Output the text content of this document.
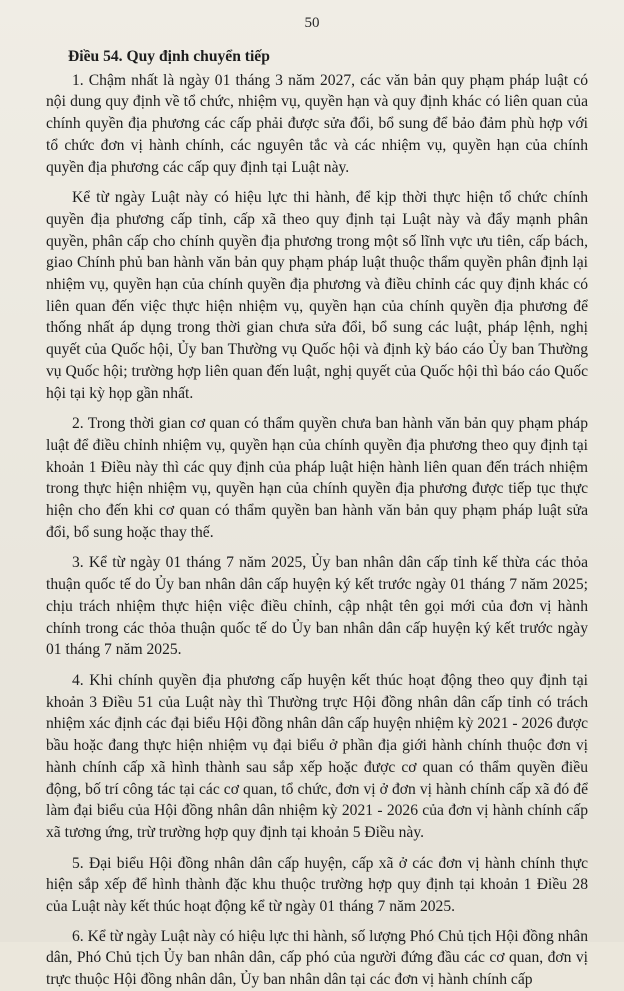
50
Điều 54. Quy định chuyển tiếp

1. Chậm nhất là ngày 01 tháng 3 năm 2027, các văn bản quy phạm pháp luật có nội dung quy định về tổ chức, nhiệm vụ, quyền hạn và quy định khác có liên quan của chính quyền địa phương các cấp phải được sửa đổi, bổ sung để bảo đảm phù hợp với tổ chức đơn vị hành chính, các nguyên tắc và các nhiệm vụ, quyền hạn của chính quyền địa phương các cấp quy định tại Luật này.

Kể từ ngày Luật này có hiệu lực thi hành, để kịp thời thực hiện tổ chức chính quyền địa phương cấp tỉnh, cấp xã theo quy định tại Luật này và đẩy mạnh phân quyền, phân cấp cho chính quyền địa phương trong một số lĩnh vực ưu tiên, cấp bách, giao Chính phủ ban hành văn bản quy phạm pháp luật thuộc thẩm quyền phân định lại nhiệm vụ, quyền hạn của chính quyền địa phương và điều chỉnh các quy định khác có liên quan đến việc thực hiện nhiệm vụ, quyền hạn của chính quyền địa phương để thống nhất áp dụng trong thời gian chưa sửa đổi, bổ sung các luật, pháp lệnh, nghị quyết của Quốc hội, Ủy ban Thường vụ Quốc hội và định kỳ báo cáo Ủy ban Thường vụ Quốc hội; trường hợp liên quan đến luật, nghị quyết của Quốc hội thì báo cáo Quốc hội tại kỳ họp gần nhất.

2. Trong thời gian cơ quan có thẩm quyền chưa ban hành văn bản quy phạm pháp luật để điều chỉnh nhiệm vụ, quyền hạn của chính quyền địa phương theo quy định tại khoản 1 Điều này thì các quy định của pháp luật hiện hành liên quan đến trách nhiệm trong thực hiện nhiệm vụ, quyền hạn của chính quyền địa phương được tiếp tục thực hiện cho đến khi cơ quan có thẩm quyền ban hành văn bản quy phạm pháp luật sửa đổi, bổ sung hoặc thay thế.

3. Kể từ ngày 01 tháng 7 năm 2025, Ủy ban nhân dân cấp tỉnh kế thừa các thỏa thuận quốc tế do Ủy ban nhân dân cấp huyện ký kết trước ngày 01 tháng 7 năm 2025; chịu trách nhiệm thực hiện việc điều chỉnh, cập nhật tên gọi mới của đơn vị hành chính trong các thỏa thuận quốc tế do Ủy ban nhân dân cấp huyện ký kết trước ngày 01 tháng 7 năm 2025.

4. Khi chính quyền địa phương cấp huyện kết thúc hoạt động theo quy định tại khoản 3 Điều 51 của Luật này thì Thường trực Hội đồng nhân dân cấp tỉnh có trách nhiệm xác định các đại biểu Hội đồng nhân dân cấp huyện nhiệm kỳ 2021 - 2026 được bầu hoặc đang thực hiện nhiệm vụ đại biểu ở phần địa giới hành chính thuộc đơn vị hành chính cấp xã hình thành sau sắp xếp hoặc được cơ quan có thẩm quyền điều động, bố trí công tác tại các cơ quan, tổ chức, đơn vị ở đơn vị hành chính cấp xã đó để làm đại biểu của Hội đồng nhân dân nhiệm kỳ 2021 - 2026 của đơn vị hành chính cấp xã tương ứng, trừ trường hợp quy định tại khoản 5 Điều này.

5. Đại biểu Hội đồng nhân dân cấp huyện, cấp xã ở các đơn vị hành chính thực hiện sắp xếp để hình thành đặc khu thuộc trường hợp quy định tại khoản 1 Điều 28 của Luật này kết thúc hoạt động kể từ ngày 01 tháng 7 năm 2025.

6. Kể từ ngày Luật này có hiệu lực thi hành, số lượng Phó Chủ tịch Hội đồng nhân dân, Phó Chủ tịch Ủy ban nhân dân, cấp phó của người đứng đầu các cơ quan, đơn vị trực thuộc Hội đồng nhân dân, Ủy ban nhân dân tại các đơn vị hành chính cấp
